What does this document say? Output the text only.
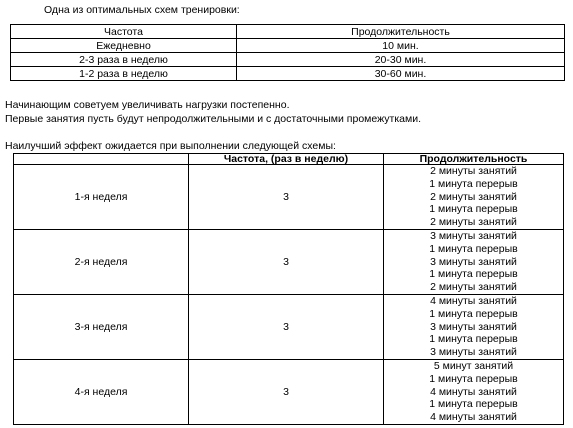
Одна из оптимальных схем тренировки:
Частота	Продолжительность
Ежедневно	10 мин.
2-3 раза в неделю	20-30 мин.
1-2 раза в неделю	30-60 мин.
Начинающим советуем увеличивать нагрузки постепенно.
Первые занятия пусть будут непродолжительными и с достаточными промежутками.
Наилучший эффект ожидается при выполнении следующей схемы:
	Частота, (раз в неделю)	Продолжительность
1-я неделя	3	2 минуты занятий
1 минута перерыв
2 минуты занятий
1 минута перерыв
2 минуты занятий

2-я неделя	3	3 минуты занятий
1 минута перерыв
3 минуты занятий
1 минута перерыв
2 минуты занятий

3-я неделя	3	4 минуты занятий
1 минута перерыв
3 минуты занятий
1 минута перерыв
3 минуты занятий

4-я неделя	3	5 минут занятий
1 минута перерыв
4 минуты занятий
1 минута перерыв
4 минуты занятий
